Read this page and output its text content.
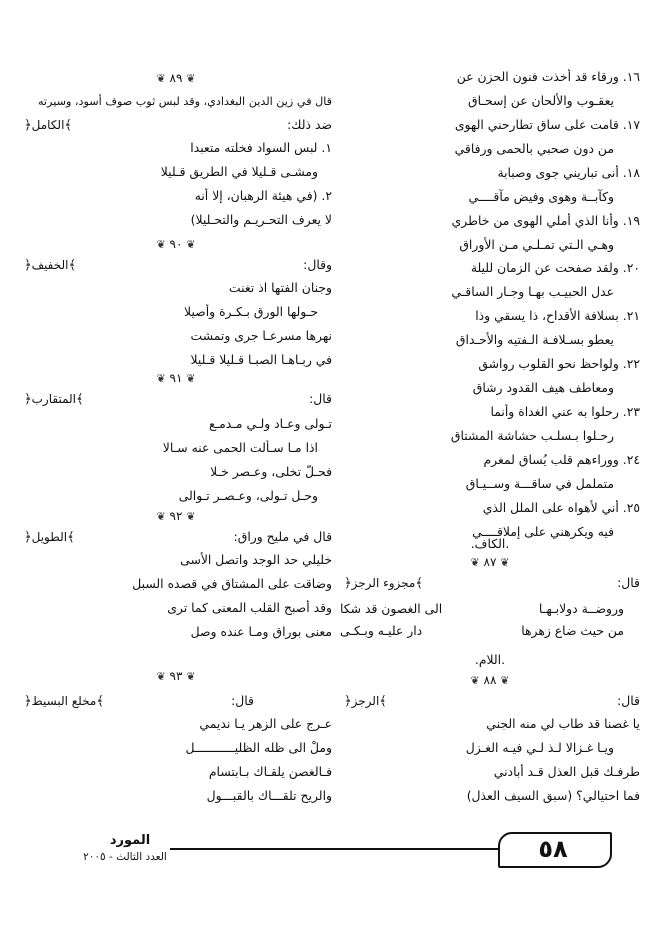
١٦. ورقاء قد أخذت فنون الحزن عن
يعقـوب والألحان عن إسحـاق
١٧. قامت على ساق تطارحني الهوى
من دون صحبي بالحمى ورفاقي
١٨. أنى تباريني جوى وصبابة
وكآبــة وهوى وفيض مآقــــي
١٩. وأنا الذي أملي الهوى من خاطري
وهـي الـتي تمـلـي مـن الأوراق
٢٠. ولقد صفحت عن الزمان لليلة
عدل الحبيـب بهـا وجـار الساقـي
٢١. بسلافة الأقداح، ذا يسقي وذا
يعطو بسـلافـة الـفتيه والأحـداق
٢٢. ولواحظ نحو القلوب رواشق
ومعاطف هيف القدود رشاق
٢٣. رحلوا به عني الغداة وأنما
رحـلوا بـسلـب حشاشة المشتاق
٢٤. ووراءهم قلب يُساق لمغرم
متململ في ساقـــة وســيـاق
٢٥. أني لأهواه على الملل الذي
فيه ويكرهني على إملاقــــي
.الكاف.
❦ ٨٧ ❦
قال:
﴾مجزوء الرجز﴿
وروضــة دولابـهـا
الى الغصون قد شكا
من حيث ضاع زهرها
دار عليـه وبـكـى
.اللام.
❦ ٨٨ ❦
قال:
﴾الرجز﴿
يا غصنا قد طاب لي منه الجني
ويـا غـزالا لـذ لـي فيـه الغـزل
طرفـك قبل العذل قـد أبادني
فما احتيالي؟ (سبق السيف العذل)
❦ ٨٩ ❦
قال في زين الدين البغدادي، وقد لبس ثوب صوف أسود، وسيرته
ضد ذلك:
﴾الكامل﴿
١. لبس السواد فخلته متعبدا
ومشـى قـليلا في الطريق قـليلا
٢. (في هيئة الرهبان، إلا أنه
لا يعرف التحـريـم والتحـليلا)
❦ ٩٠ ❦
وقال:
﴾الخفيف﴿
وجنان الفتها اذ تغنت
حـولها الورق بـكـرة وأصيلا
نهرها مسرعـا جرى وتمشت
في ربـاهـا الصبـا قـليلا قـليلا
❦ ٩١ ❦
قال:
﴾المتقارب﴿
تـولى وعـاد ولـي مـدمـع
اذا مـا سـألت الحمى عنه سـالا
فحـلّ تخلى، وعـصر خـلا
وحـل تـولى، وعـصـر تـوالى
❦ ٩٢ ❦
قال في مليح وراق:
﴾الطويل﴿
خليلي حد الوجد واتصل الأسى
وضاقت على المشتاق في قصده السبل
وقد أصبح القلب المعنى كما ترى
معنى بوراق ومـا عنده وصل
❦ ٩٣ ❦
قال:
﴾مخلع البسيط﴿
عـرج على الزهر يـا نديمي
وملْ الى ظله الظليـــــــــــل
فـالغصن يلقـاك بـابتسام
والريح تلقـــاك بالقبـــول
٥٨
المورد
العدد الثالث - ٢٠٠٥
